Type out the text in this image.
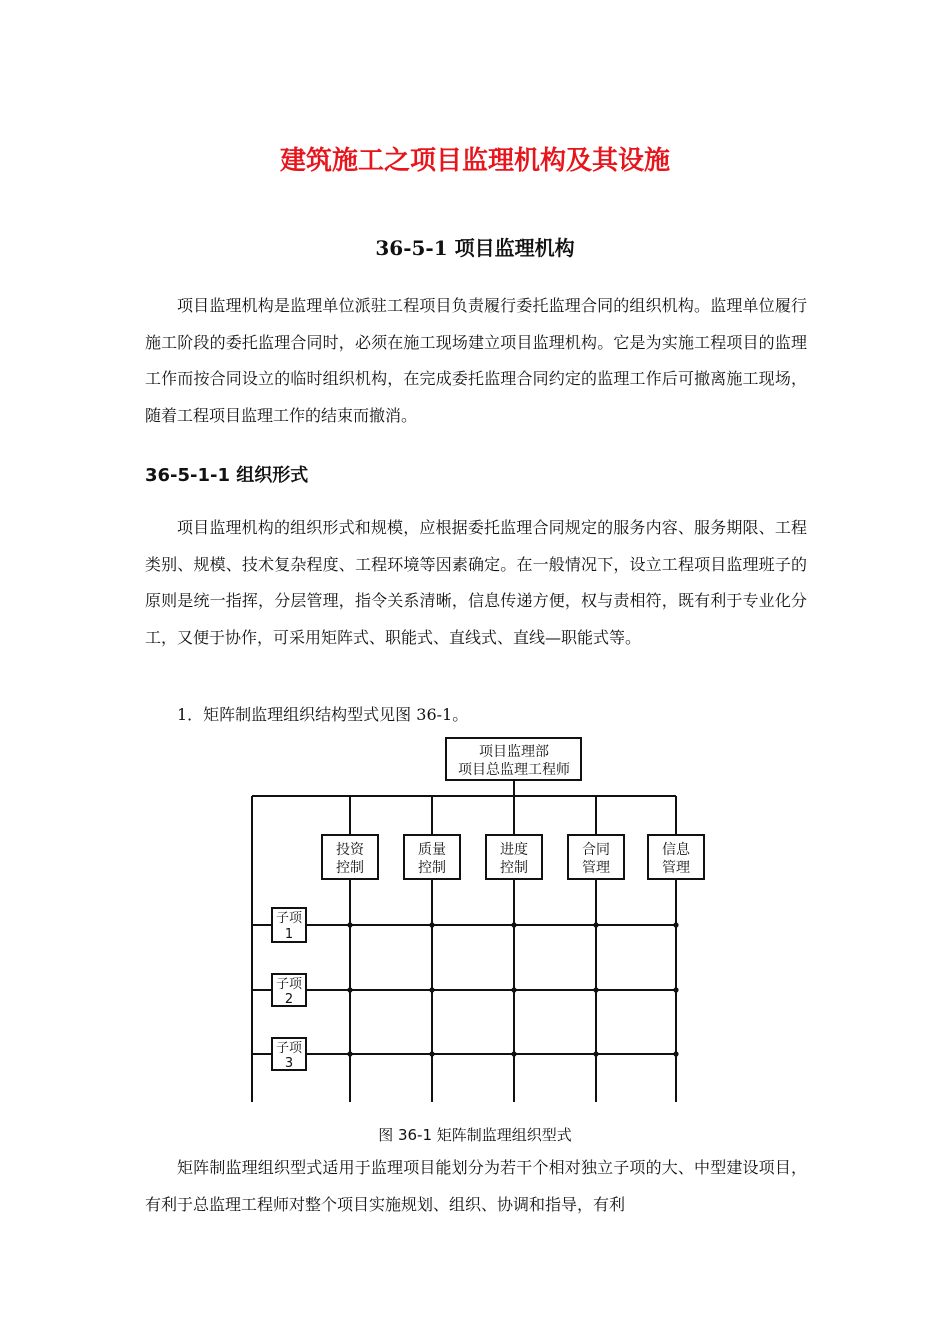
建筑施工之项目监理机构及其设施
36-5-1 项目监理机构

项目监理机构是监理单位派驻工程项目负责履行委托监理合同的组织机构。监理单位履行施工阶段的委托监理合同时，必须在施工现场建立项目监理机构。它是为实施工程项目的监理工作而按合同设立的临时组织机构，在完成委托监理合同约定的监理工作后可撤离施工现场，随着工程项目监理工作的结束而撤消。

36-5-1-1 组织形式

项目监理机构的组织形式和规模，应根据委托监理合同规定的服务内容、服务期限、工程类别、规模、技术复杂程度、工程环境等因素确定。在一般情况下，设立工程项目监理班子的原则是统一指挥，分层管理，指令关系清晰，信息传递方便，权与责相符，既有利于专业化分工，又便于协作，可采用矩阵式、职能式、直线式、直线—职能式等。

1．矩阵制监理组织结构型式见图 36-1。
项目监理部
项目总监理工程师
投资
控制
质量
控制
进度
控制
合同
管理
信息
管理
子项
1
子项
2
子项
3
图 36-1 矩阵制监理组织型式

矩阵制监理组织型式适用于监理项目能划分为若干个相对独立子项的大、中型建设项目，有利于总监理工程师对整个项目实施规划、组织、协调和指导，有利
